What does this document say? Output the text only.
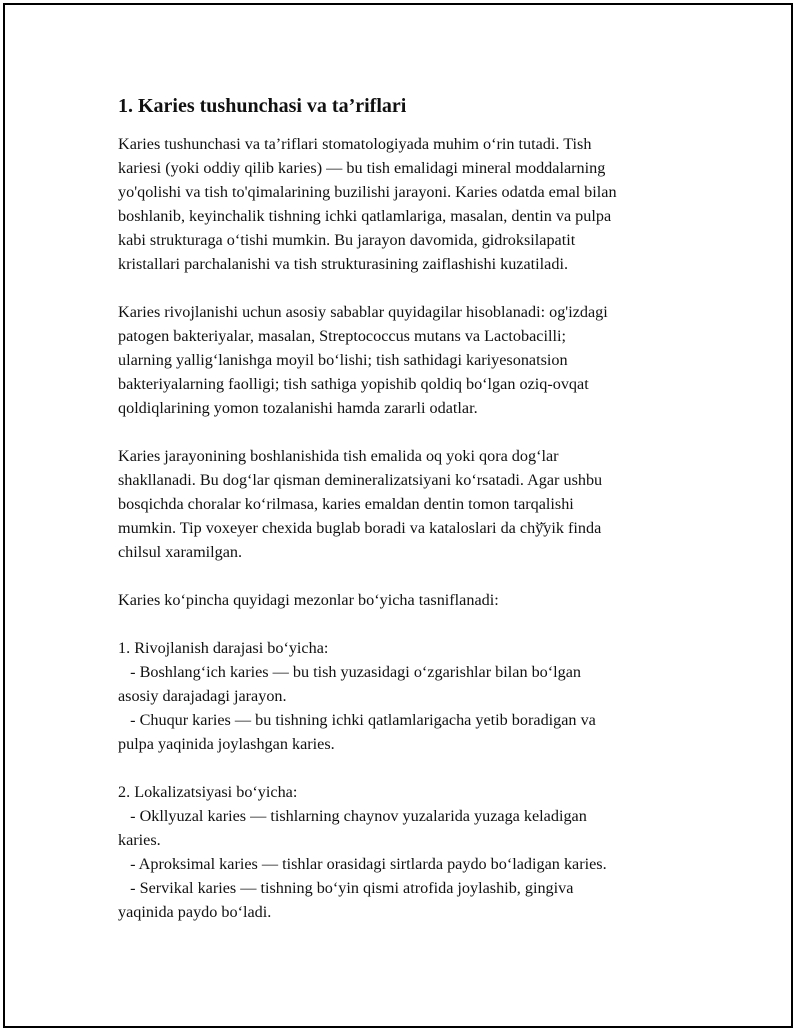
1. Karies tushunchasi va ta’riflari

Karies tushunchasi va ta’riflari stomatologiyada muhim o‘rin tutadi. Tish
kariesi (yoki oddiy qilib karies) — bu tish emalidagi mineral moddalarning
yo'qolishi va tish to'qimalarining buzilishi jarayoni. Karies odatda emal bilan
boshlanib, keyinchalik tishning ichki qatlamlariga, masalan, dentin va pulpa
kabi strukturaga o‘tishi mumkin. Bu jarayon davomida, gidroksilapatit
kristallari parchalanishi va tish strukturasining zaiflashishi kuzatiladi.

Karies rivojlanishi uchun asosiy sabablar quyidagilar hisoblanadi: og'izdagi
patogen bakteriyalar, masalan, Streptococcus mutans va Lactobacilli;
ularning yallig‘lanishga moyil bo‘lishi; tish sathidagi kariyesonatsion
bakteriyalarning faolligi; tish sathiga yopishib qoldiq bo‘lgan oziq-ovqat
qoldiqlarining yomon tozalanishi hamda zararli odatlar.

Karies jarayonining boshlanishida tish emalida oq yoki qora dog‘lar
shakllanadi. Bu dog‘lar qisman demineralizatsiyani ko‘rsatadi. Agar ushbu
bosqichda choralar ko‘rilmasa, karies emaldan dentin tomon tarqalishi
mumkin. Tip voxeyer chexida buglab boradi va kataloslari da chў̆yik finda
chilsul xaramilgan.

Karies ko‘pincha quyidagi mezonlar bo‘yicha tasniflanadi:

1. Rivojlanish darajasi bo‘yicha:

- Boshlang‘ich karies — bu tish yuzasidagi o‘zgarishlar bilan bo‘lgan
asosiy darajadagi jarayon.

- Chuqur karies — bu tishning ichki qatlamlarigacha yetib boradigan va
pulpa yaqinida joylashgan karies.

2. Lokalizatsiyasi bo‘yicha:

- Okllyuzal karies — tishlarning chaynov yuzalarida yuzaga keladigan
karies.

- Aproksimal karies — tishlar orasidagi sirtlarda paydo bo‘ladigan karies.

- Servikal karies — tishning bo‘yin qismi atrofida joylashib, gingiva
yaqinida paydo bo‘ladi.
